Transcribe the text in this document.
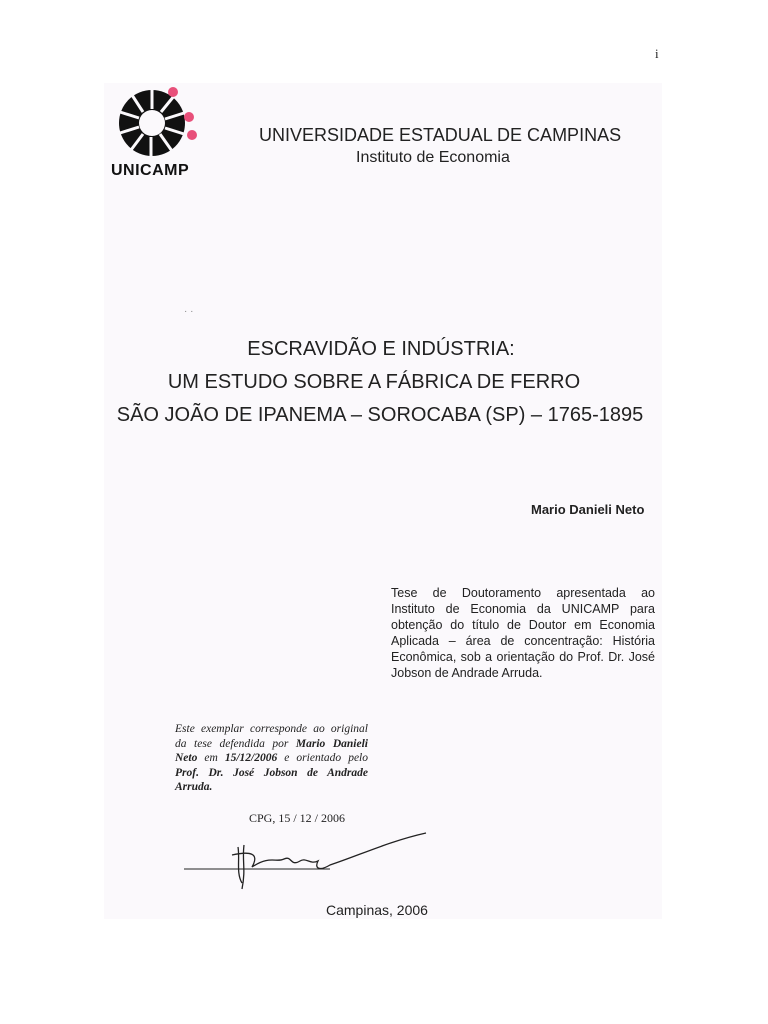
i
UNICAMP
UNIVERSIDADE ESTADUAL DE CAMPINAS
Instituto de Economia
· ·
ESCRAVIDÃO E INDÚSTRIA:
UM ESTUDO SOBRE A FÁBRICA DE FERRO
SÃO JOÃO DE IPANEMA – SOROCABA (SP) – 1765-1895
Mario Danieli Neto
Tese de Doutoramento apresentada ao Instituto de Economia da UNICAMP para obtenção do título de Doutor em Economia Aplicada – área de concentração: História Econômica, sob a orientação do Prof. Dr. José Jobson de Andrade Arruda.
Este exemplar corresponde ao original da tese defendida por Mario Danieli Neto em 15/12/2006 e orientado pelo Prof. Dr. José Jobson de Andrade Arruda.
CPG, 15 / 12 / 2006
Campinas, 2006
